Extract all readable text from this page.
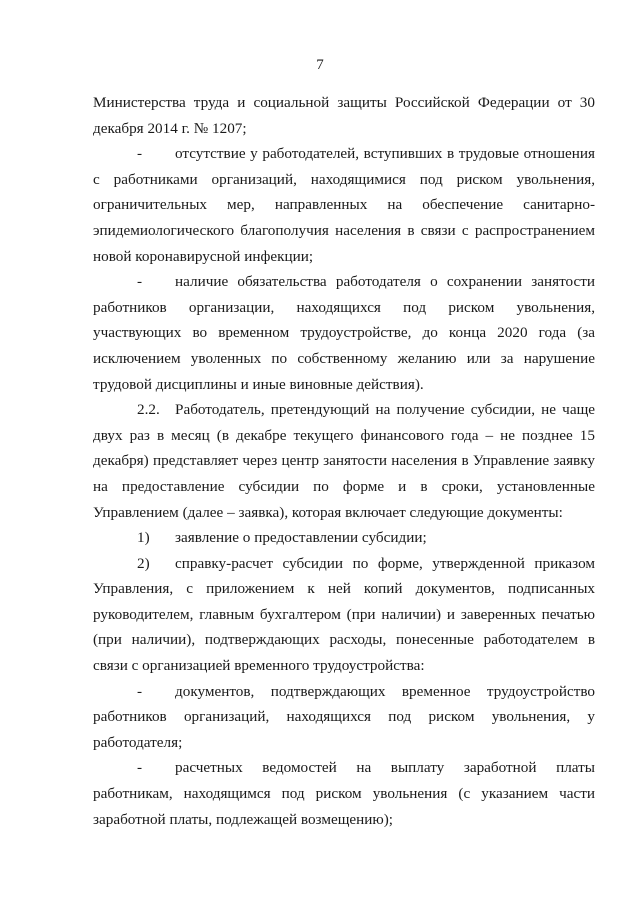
7

Министерства труда и социальной защиты Российской Федерации от 30 декабря 2014 г. № 1207;

- отсутствие у работодателей, вступивших в трудовые отношения с работниками организаций, находящимися под риском увольнения, ограничительных мер, направленных на обеспечение санитарно-эпидемиологического благополучия населения в связи с распространением новой коронавирусной инфекции;

- наличие обязательства работодателя о сохранении занятости работников организации, находящихся под риском увольнения, участвующих во временном трудоустройстве, до конца 2020 года (за исключением уволенных по собственному желанию или за нарушение трудовой дисциплины и иные виновные действия).

2.2. Работодатель, претендующий на получение субсидии, не чаще двух раз в месяц (в декабре текущего финансового года – не позднее 15 декабря) представляет через центр занятости населения в Управление заявку на предоставление субсидии по форме и в сроки, установленные Управлением (далее – заявка), которая включает следующие документы:

1) заявление о предоставлении субсидии;

2) справку-расчет субсидии по форме, утвержденной приказом Управления, с приложением к ней копий документов, подписанных руководителем, главным бухгалтером (при наличии) и заверенных печатью (при наличии), подтверждающих расходы, понесенные работодателем в связи с организацией временного трудоустройства:

- документов, подтверждающих временное трудоустройство работников организаций, находящихся под риском увольнения, у работодателя;

- расчетных ведомостей на выплату заработной платы работникам, находящимся под риском увольнения (с указанием части заработной платы, подлежащей возмещению);
